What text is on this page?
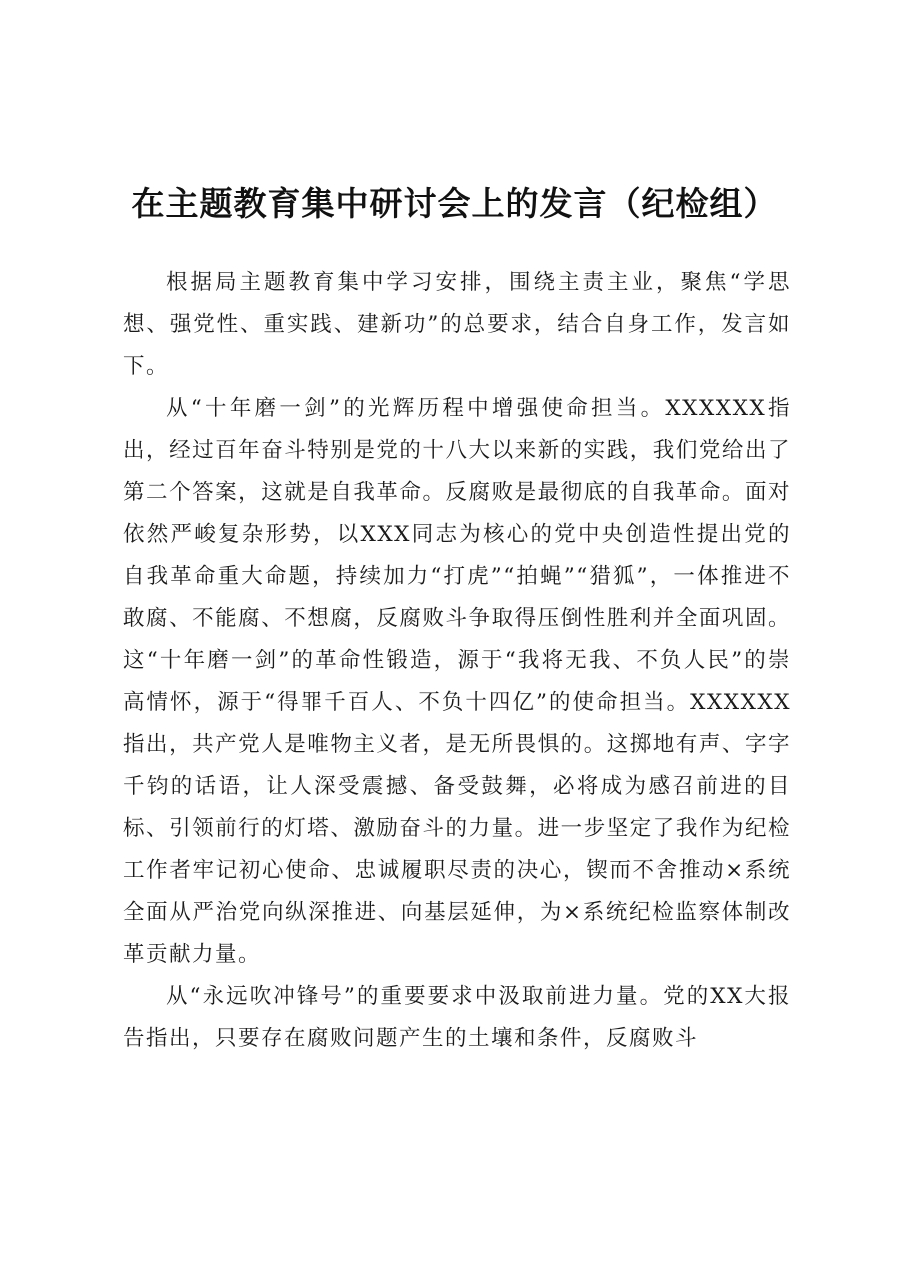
在主题教育集中研讨会上的发言（纪检组）

根据局主题教育集中学习安排，围绕主责主业，聚焦“学思想、强党性、重实践、建新功”的总要求，结合自身工作，发言如下。

从“十年磨一剑”的光辉历程中增强使命担当。XXXXXX指出，经过百年奋斗特别是党的十八大以来新的实践，我们党给出了第二个答案，这就是自我革命。反腐败是最彻底的自我革命。面对依然严峻复杂形势，以XXX同志为核心的党中央创造性提出党的自我革命重大命题，持续加力“打虎”“拍蝇”“猎狐”，一体推进不敢腐、不能腐、不想腐，反腐败斗争取得压倒性胜利并全面巩固。这“十年磨一剑”的革命性锻造，源于“我将无我、不负人民”的崇高情怀，源于“得罪千百人、不负十四亿”的使命担当。XXXXXX指出，共产党人是唯物主义者，是无所畏惧的。这掷地有声、字字千钧的话语，让人深受震撼、备受鼓舞，必将成为感召前进的目标、引领前行的灯塔、激励奋斗的力量。进一步坚定了我作为纪检工作者牢记初心使命、忠诚履职尽责的决心，锲而不舍推动×系统全面从严治党向纵深推进、向基层延伸，为×系统纪检监察体制改革贡献力量。

从“永远吹冲锋号”的重要要求中汲取前进力量。党的XX大报告指出，只要存在腐败问题产生的土壤和条件，反腐败斗
